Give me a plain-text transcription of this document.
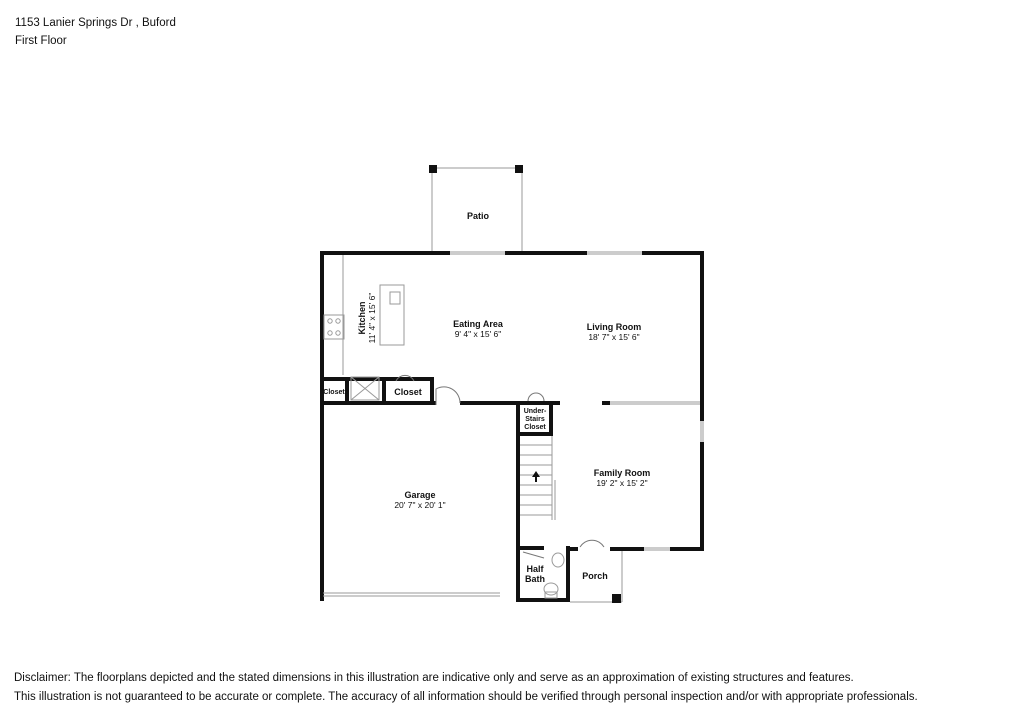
1153 Lanier Springs Dr , Buford
First Floor
Patio
Kitchen 11' 4" x 15' 6"	Eating Area
9' 4" x 15' 6"
Living Room
18' 7" x 15' 6"
Closet	Closet
Under-
Stairs
Closet
Garage
20' 7" x 20' 1"
Family Room
19' 2" x 15' 2"
Half
Bath	Porch
Disclaimer: The floorplans depicted and the stated dimensions in this illustration are indicative only and serve as an approximation of existing structures and features.
This illustration is not guaranteed to be accurate or complete. The accuracy of all information should be verified through personal inspection and/or with appropriate professionals.
